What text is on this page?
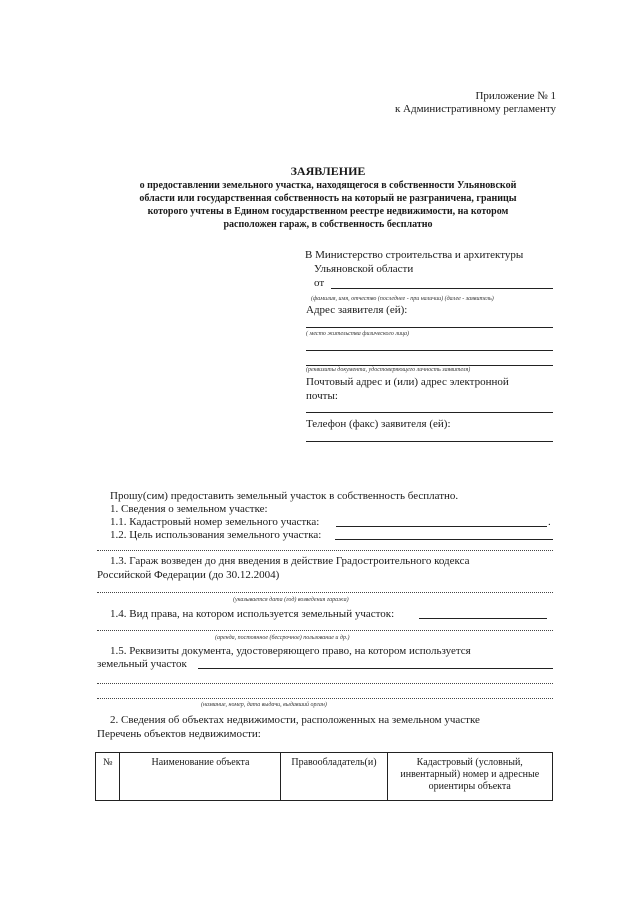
Приложение № 1
к Административному регламенту
ЗАЯВЛЕНИЕ
о предоставлении земельного участка, находящегося в собственности Ульяновской
области или государственная собственность на который не разграничена, границы
которого учтены в Едином государственном реестре недвижимости, на котором
расположен гараж, в собственность бесплатно
В Министерство строительства и архитектуры
Ульяновской области
от
(фамилия, имя, отчество (последнее - при наличии) (далее - заявитель)
Адрес заявителя (ей):
( место жительства физического лица)
(реквизиты документа, удостоверяющего личность заявителя)
Почтовый адрес и (или) адрес электронной
почты:
Телефон (факс) заявителя (ей):
Прошу(сим) предоставить земельный участок в собственность бесплатно.
1. Сведения о земельном участке:
1.1. Кадастровый номер земельного участка:	.
1.2. Цель использования земельного участка:
1.3. Гараж возведен до дня введения в действие Градостроительного кодекса
Российской Федерации (до 30.12.2004)
(указывается дата (год) возведения гаража)
1.4. Вид права, на котором используется земельный участок:
(аренда, постоянное (бессрочное) пользование и др.)
1.5. Реквизиты документа, удостоверяющего право, на котором используется
земельный участок
(название, номер, дата выдачи, выдавший орган)
2. Сведения об объектах недвижимости, расположенных на земельном участке
Перечень объектов недвижимости:
№	Наименование объекта	Правообладатель(и)	Кадастровый (условный, инвентарный) номер и адресные ориентиры объекта
